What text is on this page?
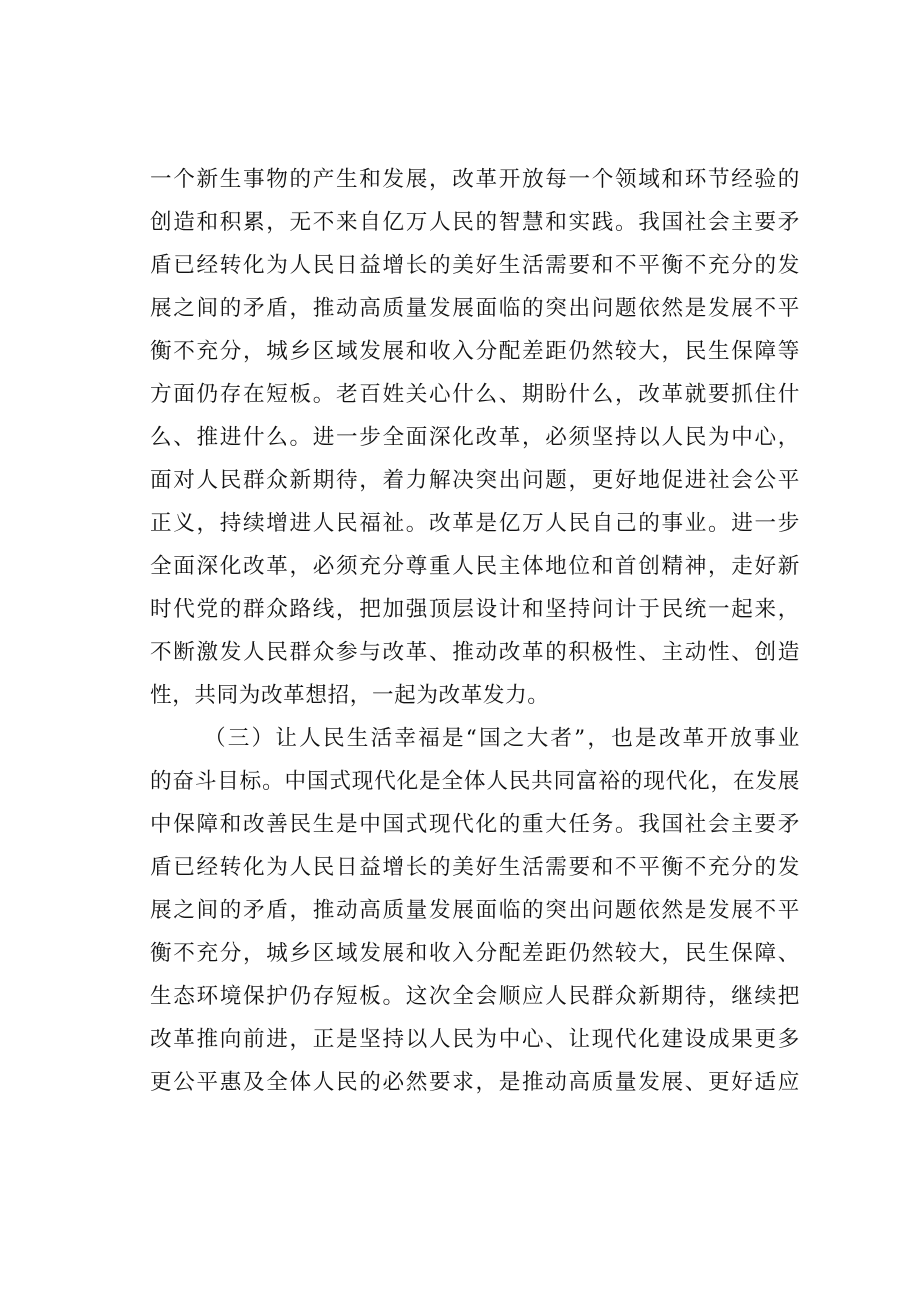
一个新生事物的产生和发展，改革开放每一个领域和环节经验的
创造和积累，无不来自亿万人民的智慧和实践。我国社会主要矛
盾已经转化为人民日益增长的美好生活需要和不平衡不充分的发
展之间的矛盾，推动高质量发展面临的突出问题依然是发展不平
衡不充分，城乡区域发展和收入分配差距仍然较大，民生保障等
方面仍存在短板。老百姓关心什么、期盼什么，改革就要抓住什
么、推进什么。进一步全面深化改革，必须坚持以人民为中心，
面对人民群众新期待，着力解决突出问题，更好地促进社会公平
正义，持续增进人民福祉。改革是亿万人民自己的事业。进一步
全面深化改革，必须充分尊重人民主体地位和首创精神，走好新
时代党的群众路线，把加强顶层设计和坚持问计于民统一起来，
不断激发人民群众参与改革、推动改革的积极性、主动性、创造
性，共同为改革想招，一起为改革发力。
（三）让人民生活幸福是“国之大者”，也是改革开放事业
的奋斗目标。中国式现代化是全体人民共同富裕的现代化，在发展
中保障和改善民生是中国式现代化的重大任务。我国社会主要矛
盾已经转化为人民日益增长的美好生活需要和不平衡不充分的发
展之间的矛盾，推动高质量发展面临的突出问题依然是发展不平
衡不充分，城乡区域发展和收入分配差距仍然较大，民生保障、
生态环境保护仍存短板。这次全会顺应人民群众新期待，继续把
改革推向前进，正是坚持以人民为中心、让现代化建设成果更多
更公平惠及全体人民的必然要求，是推动高质量发展、更好适应
